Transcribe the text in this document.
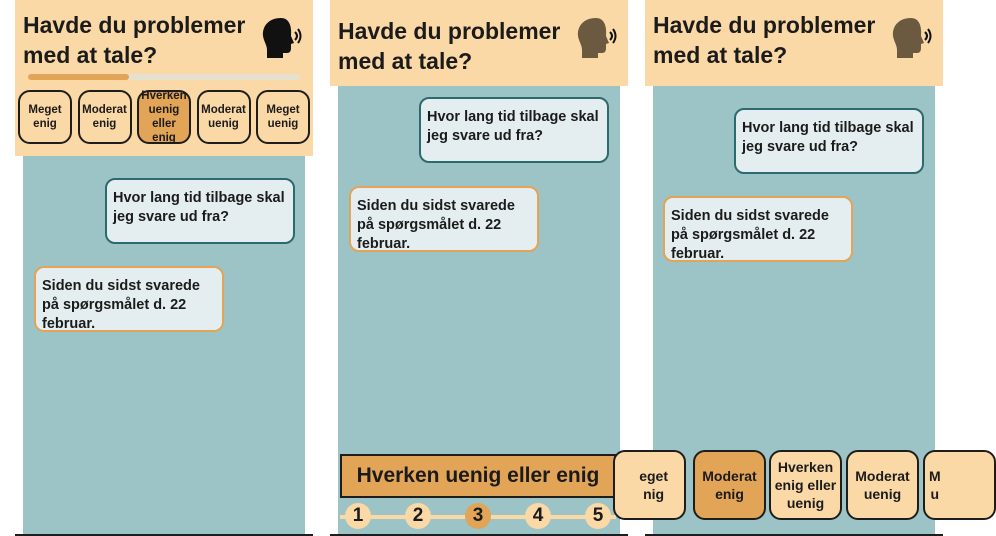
Havde du problemer med at tale?
Meget enig
Moderat enig
Hverken uenig eller enig
Moderat uenig
Meget uenig
Hvor lang tid tilbage skal jeg svare ud fra?
Siden du sidst svarede på spørgsmålet d. 22 februar.
Havde du problemer med at tale?
Hvor lang tid tilbage skal jeg svare ud fra?
Siden du sidst svarede på spørgsmålet d. 22 februar.
Hverken uenig eller enig
1	2	3	4	5
Havde du problemer med at tale?
Hvor lang tid tilbage skal jeg svare ud fra?
Siden du sidst svarede på spørgsmålet d. 22 februar.
eget
nig
Moderat
enig
Hverken
enig eller
uenig
Moderat
uenig
M
u
